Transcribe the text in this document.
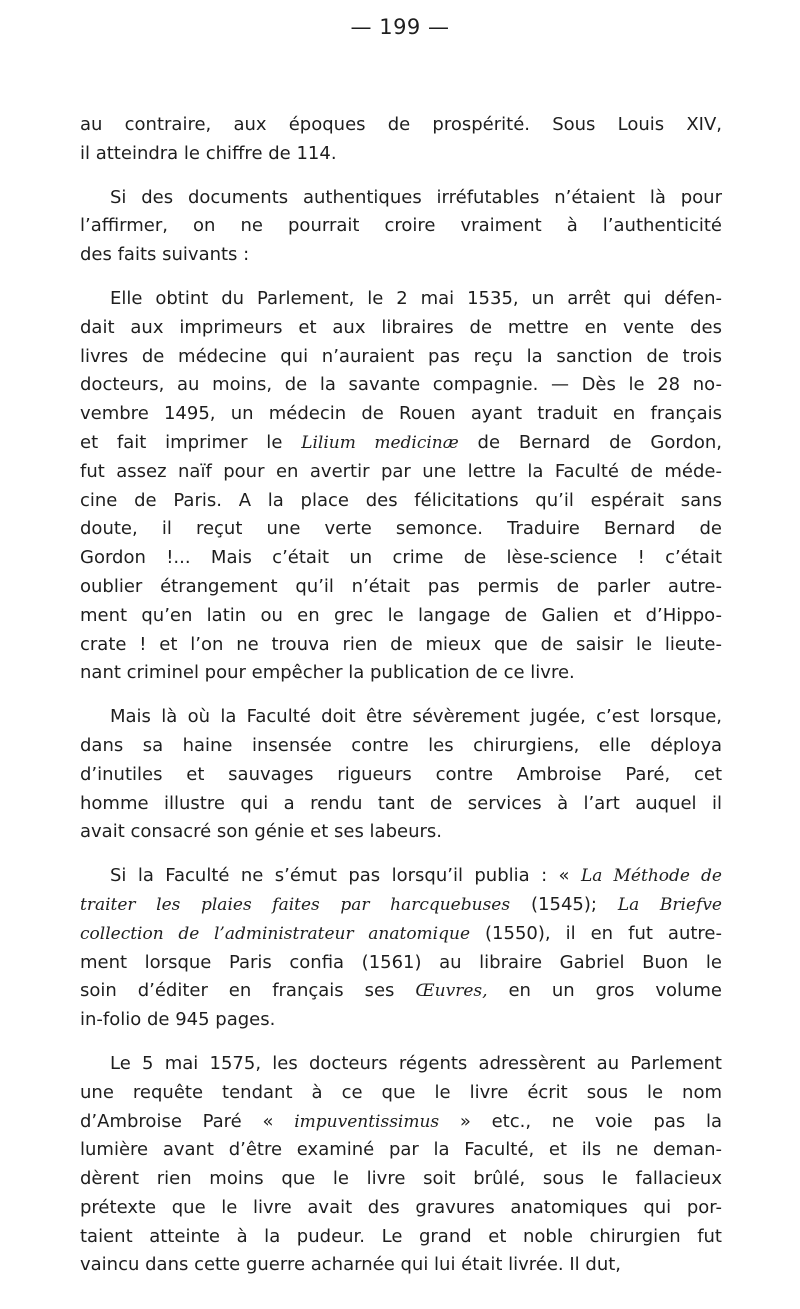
— 199 —
au contraire, aux époques de prospérité. Sous Louis XIV,
il atteindra le chiffre de 114.
Si des documents authentiques irréfutables n’étaient là pour
l’affirmer, on ne pourrait croire vraiment à l’authenticité
des faits suivants :
Elle obtint du Parlement, le 2 mai 1535, un arrêt qui défen-
dait aux imprimeurs et aux libraires de mettre en vente des
livres de médecine qui n’auraient pas reçu la sanction de trois
docteurs, au moins, de la savante compagnie. — Dès le 28 no-
vembre 1495, un médecin de Rouen ayant traduit en français
et fait imprimer le Lilium medicinæ de Bernard de Gordon,
fut assez naïf pour en avertir par une lettre la Faculté de méde-
cine de Paris. A la place des félicitations qu’il espérait sans
doute, il reçut une verte semonce. Traduire Bernard de
Gordon !... Mais c’était un crime de lèse-science ! c’était
oublier étrangement qu’il n’était pas permis de parler autre-
ment qu’en latin ou en grec le langage de Galien et d’Hippo-
crate ! et l’on ne trouva rien de mieux que de saisir le lieute-
nant criminel pour empêcher la publication de ce livre.
Mais là où la Faculté doit être sévèrement jugée, c’est lorsque,
dans sa haine insensée contre les chirurgiens, elle déploya
d’inutiles et sauvages rigueurs contre Ambroise Paré, cet
homme illustre qui a rendu tant de services à l’art auquel il
avait consacré son génie et ses labeurs.
Si la Faculté ne s’émut pas lorsqu’il publia : « La Méthode de
traiter les plaies faites par harcquebuses (1545); La Briefve
collection de l’administrateur anatomique (1550), il en fut autre-
ment lorsque Paris confia (1561) au libraire Gabriel Buon le
soin d’éditer en français ses Œuvres, en un gros volume
in-folio de 945 pages.
Le 5 mai 1575, les docteurs régents adressèrent au Parlement
une requête tendant à ce que le livre écrit sous le nom
d’Ambroise Paré « impuventissimus » etc., ne voie pas la
lumière avant d’être examiné par la Faculté, et ils ne deman-
dèrent rien moins que le livre soit brûlé, sous le fallacieux
prétexte que le livre avait des gravures anatomiques qui por-
taient atteinte à la pudeur. Le grand et noble chirurgien fut
vaincu dans cette guerre acharnée qui lui était livrée. Il dut,
